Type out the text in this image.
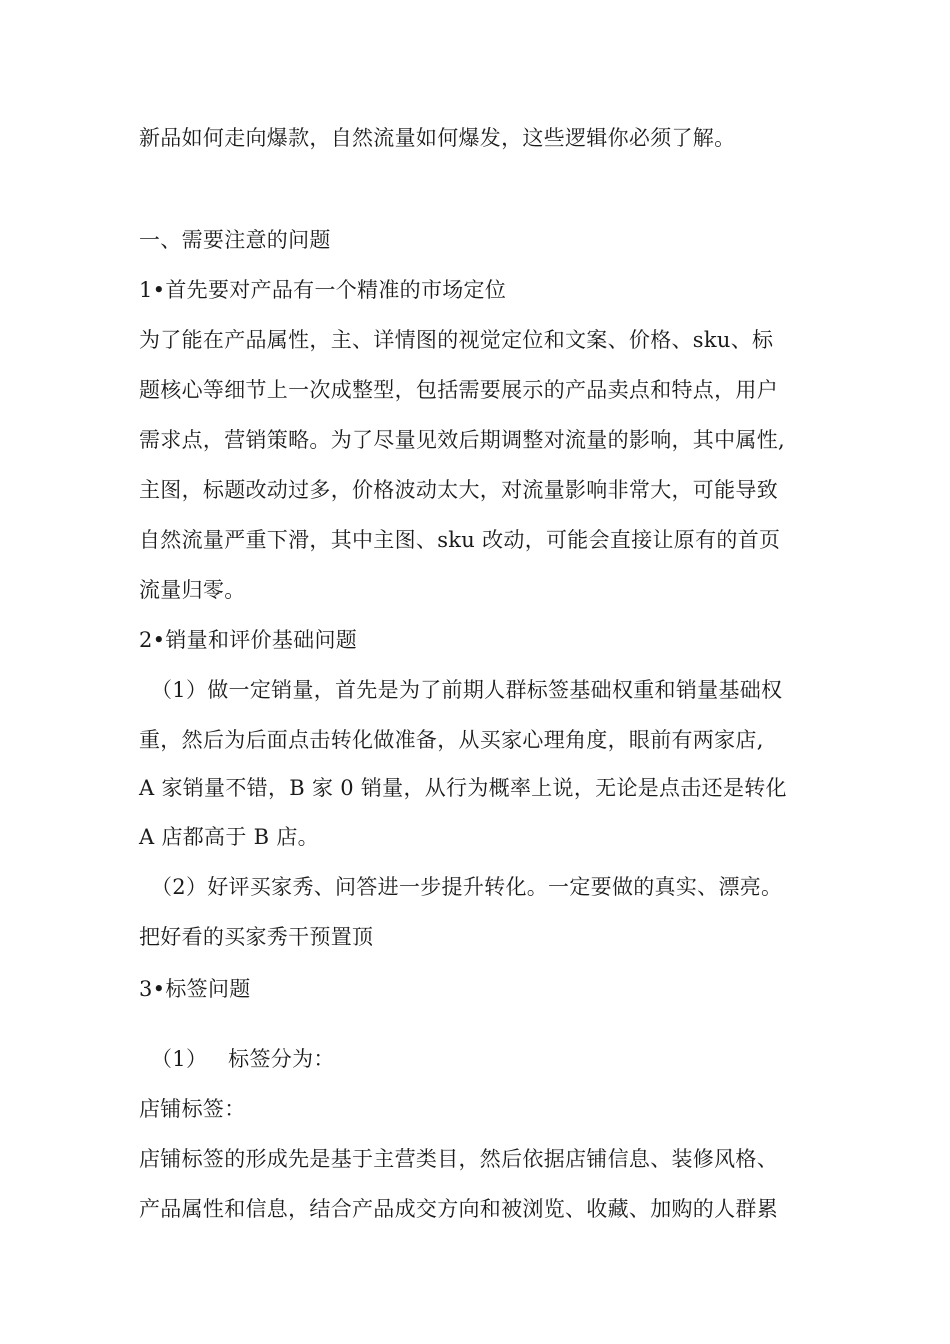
新品如何走向爆款，自然流量如何爆发，这些逻辑你必须了解。
一、需要注意的问题
1•首先要对产品有一个精准的市场定位
为了能在产品属性，主、详情图的视觉定位和文案、价格、sku、标
题核心等细节上一次成整型，包括需要展示的产品卖点和特点，用户
需求点，营销策略。为了尽量见效后期调整对流量的影响，其中属性,
主图，标题改动过多，价格波动太大，对流量影响非常大，可能导致
自然流量严重下滑，其中主图、sku 改动，可能会直接让原有的首页
流量归零。
2•销量和评价基础问题
（1）做一定销量，首先是为了前期人群标签基础权重和销量基础权
重，然后为后面点击转化做准备，从买家心理角度，眼前有两家店,
A 家销量不错，B 家 0 销量，从行为概率上说，无论是点击还是转化
A 店都高于 B 店。
（2）好评买家秀、问答进一步提升转化。一定要做的真实、漂亮。
把好看的买家秀干预置顶
3•标签问题
（1）   标签分为：
店铺标签：
店铺标签的形成先是基于主营类目，然后依据店铺信息、装修风格、
产品属性和信息，结合产品成交方向和被浏览、收藏、加购的人群累
